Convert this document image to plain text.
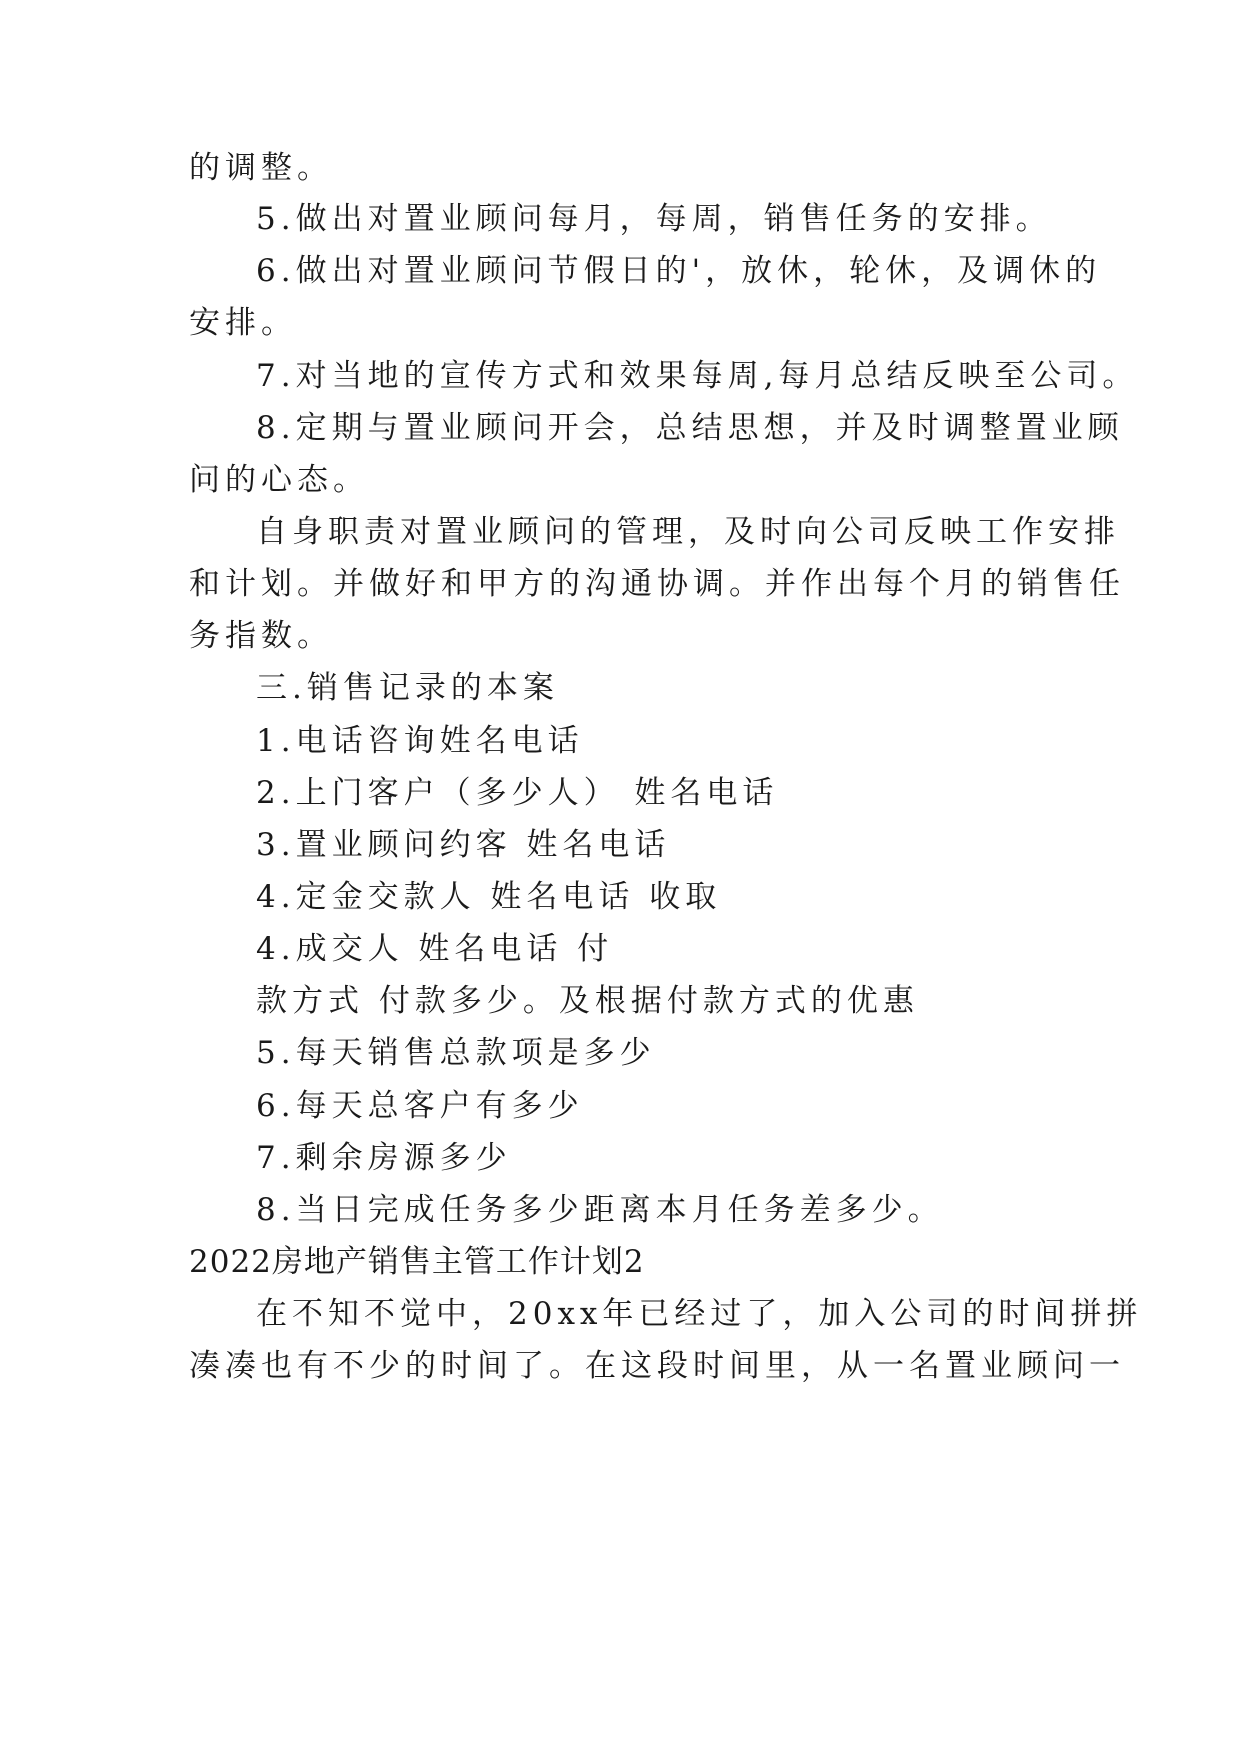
的调整。
5.做出对置业顾问每月，每周，销售任务的安排。
6.做出对置业顾问节假日的'，放休，轮休，及调休的
安排。
7.对当地的宣传方式和效果每周,每月总结反映至公司。
8.定期与置业顾问开会，总结思想，并及时调整置业顾
问的心态。
自身职责对置业顾问的管理，及时向公司反映工作安排
和计划。并做好和甲方的沟通协调。并作出每个月的销售任
务指数。
三.销售记录的本案
1.电话咨询姓名电话
2.上门客户（多少人） 姓名电话
3.置业顾问约客 姓名电话
4.定金交款人 姓名电话 收取
4.成交人 姓名电话 付
款方式 付款多少。及根据付款方式的优惠
5.每天销售总款项是多少
6.每天总客户有多少
7.剩余房源多少
8.当日完成任务多少距离本月任务差多少。
2022房地产销售主管工作计划2
在不知不觉中，20xx年已经过了，加入公司的时间拼拼
凑凑也有不少的时间了。在这段时间里，从一名置业顾问一
